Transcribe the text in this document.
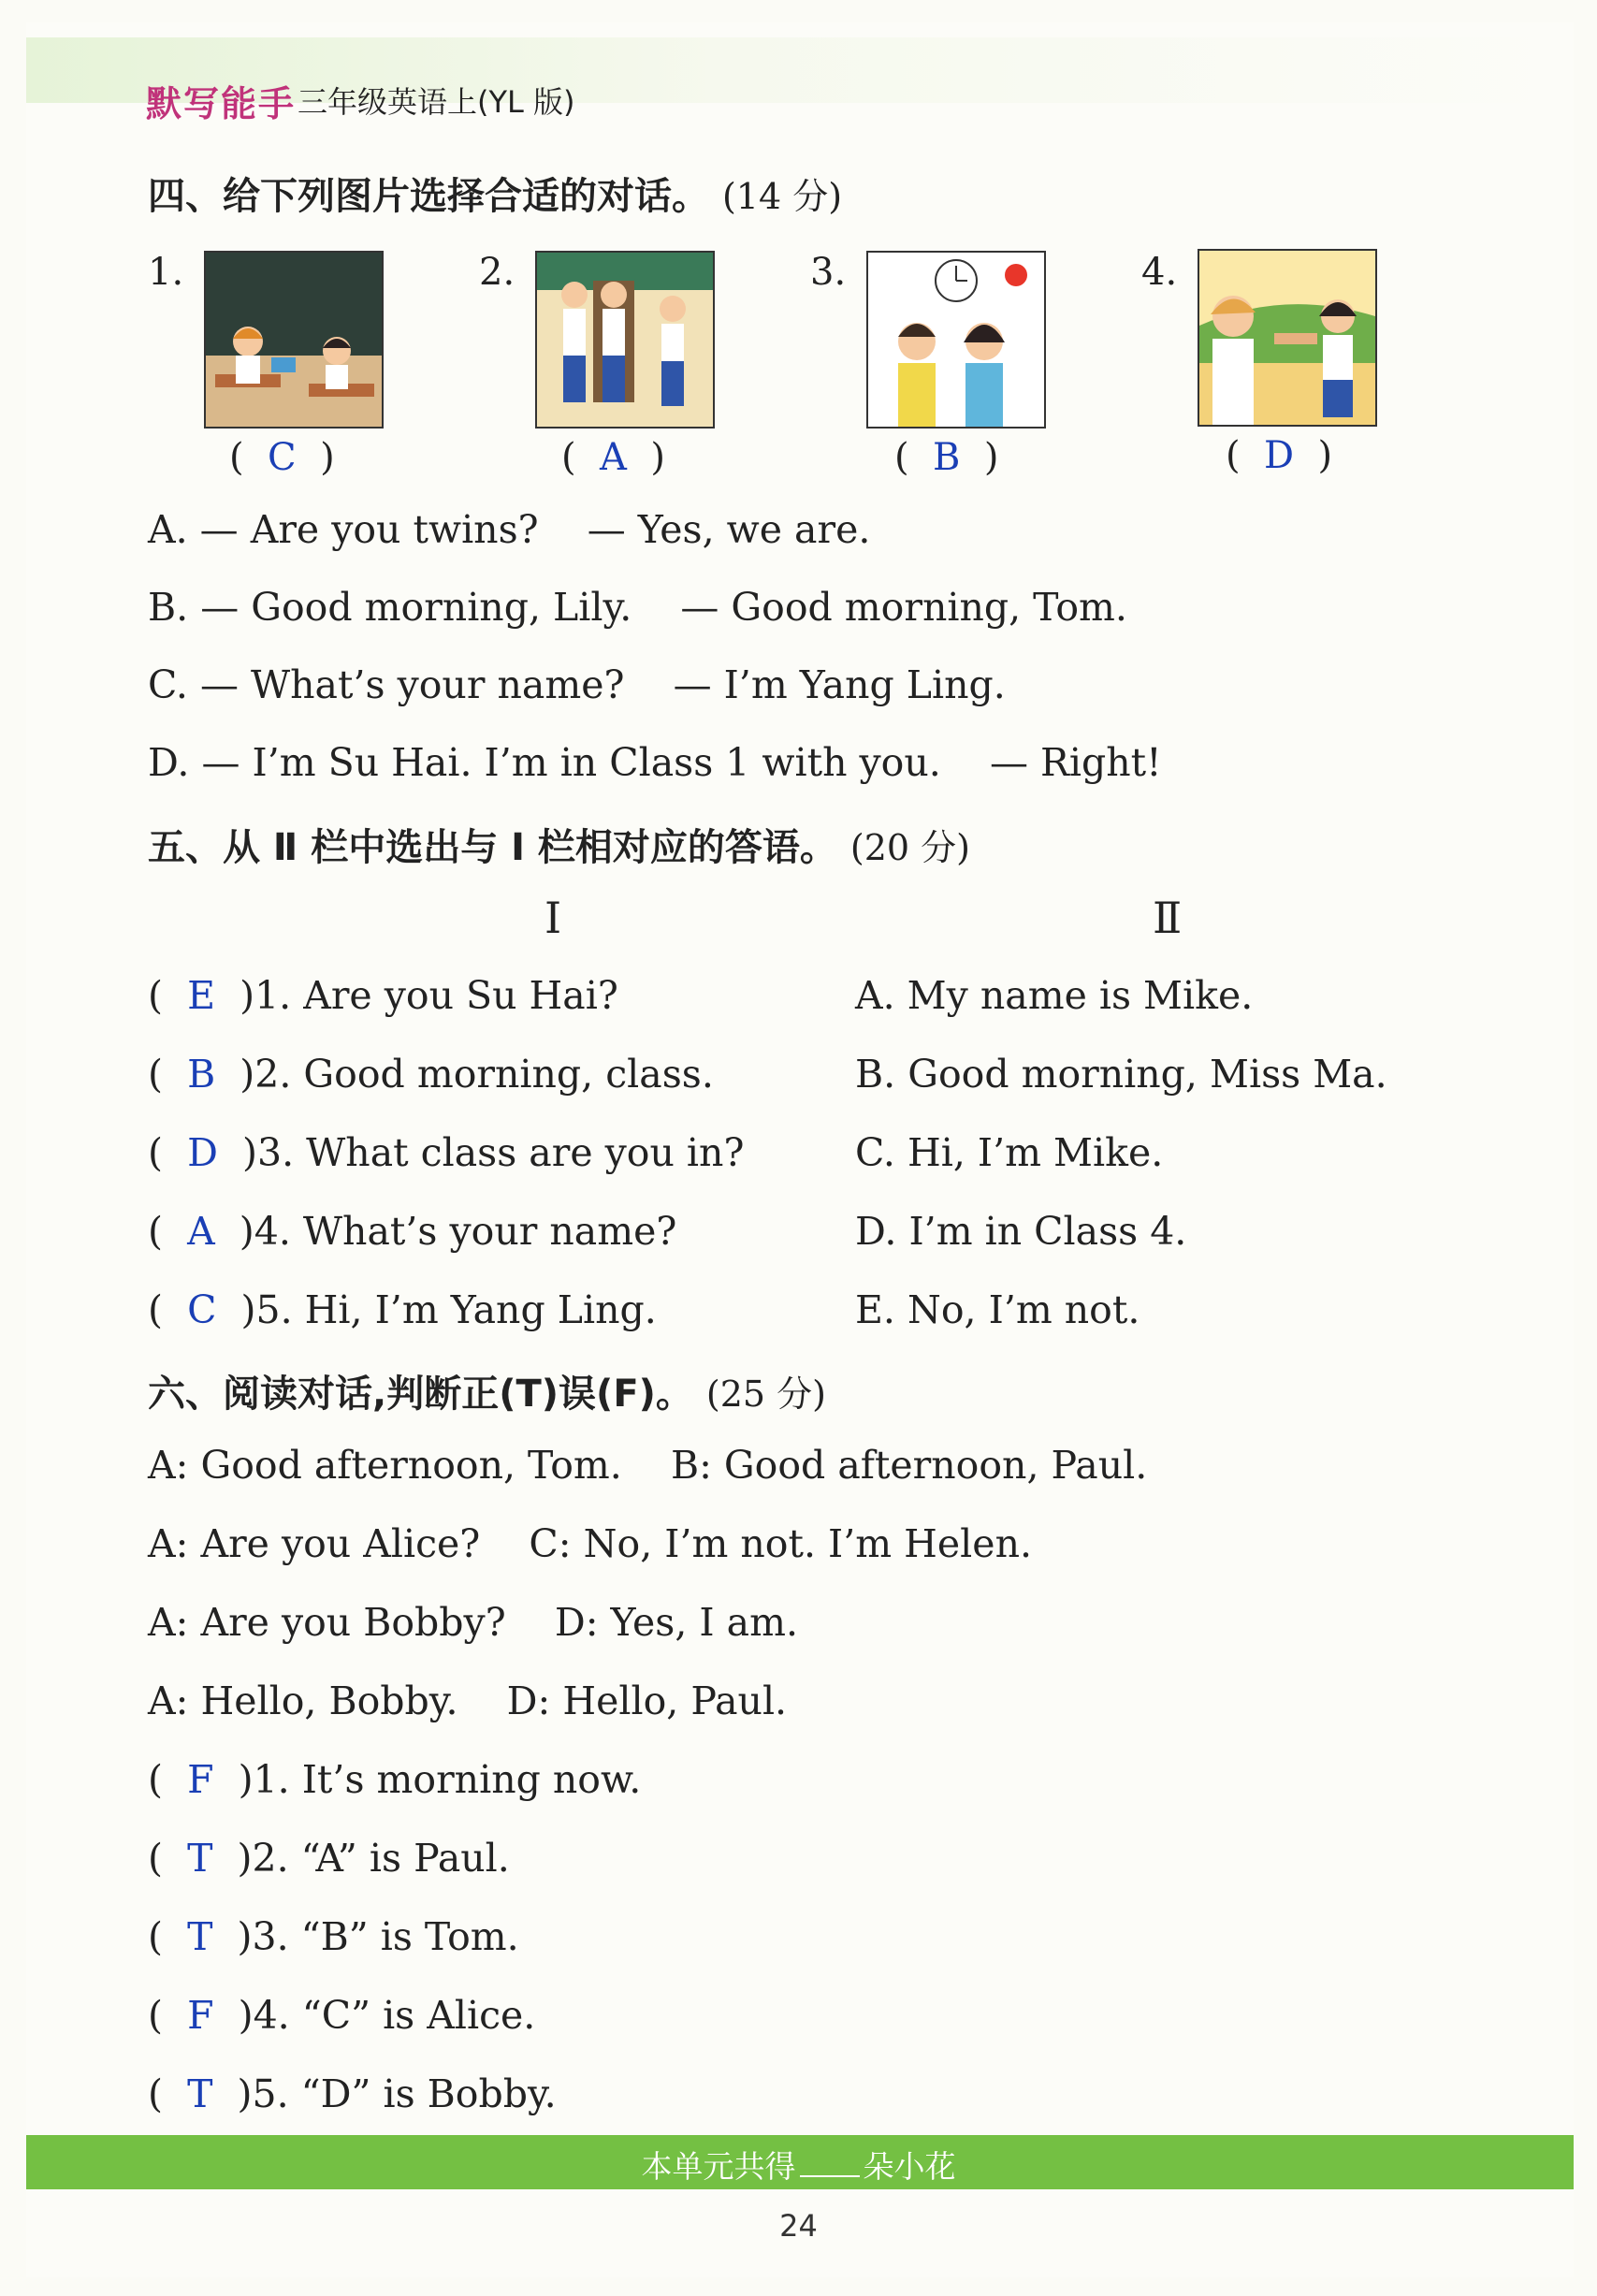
默写能手 三年级英语上(YL 版)
四、给下列图片选择合适的对话。 (14 分)
1.
(  C  )
2.
(  A  )
3.
(  B  )
4.
(  D  )
A. — Are you twins?    — Yes, we are.
B. — Good morning, Lily.    — Good morning, Tom.
C. — What’s your name?    — I’m Yang Ling.
D. — I’m Su Hai. I’m in Class 1 with you.    — Right!
五、从 Ⅱ 栏中选出与 Ⅰ 栏相对应的答语。 (20 分)
Ⅰ	Ⅱ
(  E )1. Are you Su Hai?	A. My name is Mike.
(  B )2. Good morning, class.	B. Good morning, Miss Ma.
(  D )3. What class are you in?	C. Hi, I’m Mike.
(  A )4. What’s your name?	D. I’m in Class 4.
(  C )5. Hi, I’m Yang Ling.	E. No, I’m not.
六、阅读对话,判断正(T)误(F)。 (25 分)
A: Good afternoon, Tom.    B: Good afternoon, Paul.
A: Are you Alice?    C: No, I’m not. I’m Helen.
A: Are you Bobby?    D: Yes, I am.
A: Hello, Bobby.    D: Hello, Paul.
(  F )1. It’s morning now.
(  T )2. “A” is Paul.
(  T )3. “B” is Tom.
(  F )4. “C” is Alice.
(  T )5. “D” is Bobby.
本单元共得 朵小花
24
